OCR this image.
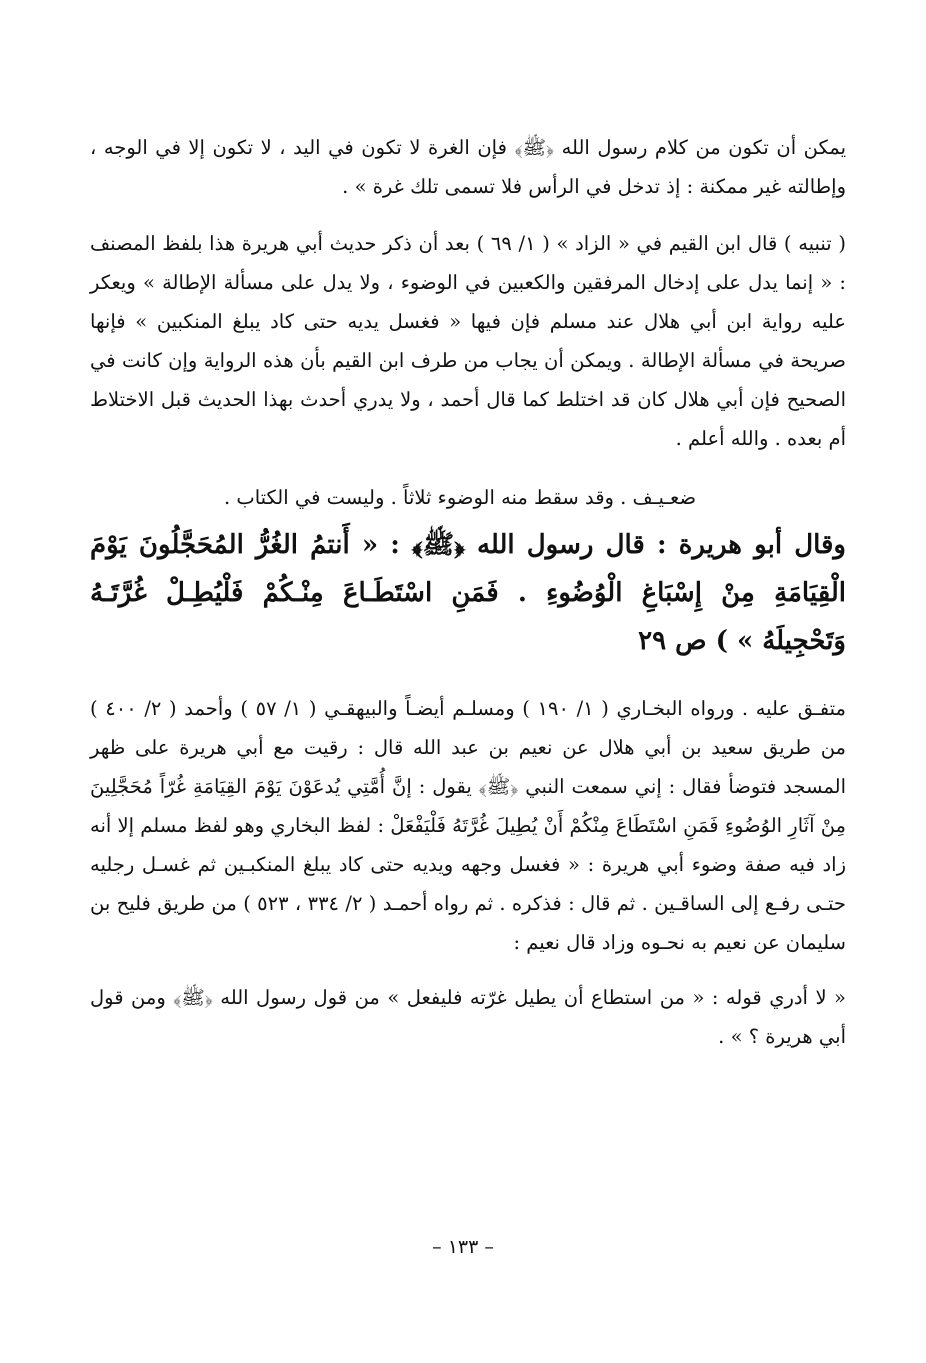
يمكن أن تكون من كلام رسول الله ﴿ﷺ﴾ فإن الغرة لا تكون في اليد ، لا تكون إلا في الوجه ، وإطالته غير ممكنة : إذ تدخل في الرأس فلا تسمى تلك غرة » .

( تنبيه ) قال ابن القيم في « الزاد » ( ١/ ٦٩ ) بعد أن ذكر حديث أبي هريرة هذا بلفظ المصنف : « إنما يدل على إدخال المرفقين والكعبين في الوضوء ، ولا يدل على مسألة الإطالة » ويعكر عليه رواية ابن أبي هلال عند مسلم فإن فيها « فغسل يديه حتى كاد يبلغ المنكبين » فإنها صريحة في مسألة الإطالة . ويمكن أن يجاب من طرف ابن القيم بأن هذه الرواية وإن كانت في الصحيح فإن أبي هلال كان قد اختلط كما قال أحمد ، ولا يدري أحدث بهذا الحديث قبل الاختلاط أم بعده . والله أعلم .

ضعـيـف . وقد سقط منه الوضوء ثلاثاً . وليست في الكتاب .

وقال أبو هريرة : قال رسول الله ﴿ﷺ﴾ : « أَنتمُ الغُرُّ المُحَجَّلُونَ يَوْمَ الْقِيَامَةِ مِنْ إِسْبَاغِ الْوُضُوءِ . فَمَنِ اسْتَطَـاعَ مِنْـكُمْ فَلْيُطِـلْ غُرَّتَـهُ وَتَحْجِيلَهُ » ) ص ٢٩

متفـق عليه . ورواه البخـاري ( ١/ ١٩٠ ) ومسلـم أيضـاً والبيهقـي ( ١/ ٥٧ ) وأحمد ( ٢/ ٤٠٠ ) من طريق سعيد بن أبي هلال عن نعيم بن عبد الله قال : رقيت مع أبي هريرة على ظهر المسجد فتوضأ فقال : إني سمعت النبي ﴿ﷺ﴾ يقول : إنَّ أُمَّتِي يُدعَوْنَ يَوْمَ القِيَامَةِ غُرّاً مُحَجَّلِينَ مِنْ آثَارِ الوُضُوءِ فَمَنِ اسْتَطَاعَ مِنْكُمْ أَنْ يُطِيلَ غُرَّتَهُ فَلْيَفْعَلْ : لفظ البخاري وهو لفظ مسلم إلا أنه زاد فيه صفة وضوء أبي هريرة : « فغسل وجهه ويديه حتى كاد يبلغ المنكبـين ثم غسـل رجليه حتـى رفـع إلى الساقـين . ثم قال : فذكره . ثم رواه أحمـد ( ٢/ ٣٣٤ ، ٥٢٣ ) من طريق فليح بن سليمان عن نعيم به نحـوه وزاد قال نعيم :

« لا أدري قوله : « من استطاع أن يطيل غرّته فليفعل » من قول رسول الله ﴿ﷺ﴾ ومن قول أبي هريرة ؟ » .

– ١٣٣ –
